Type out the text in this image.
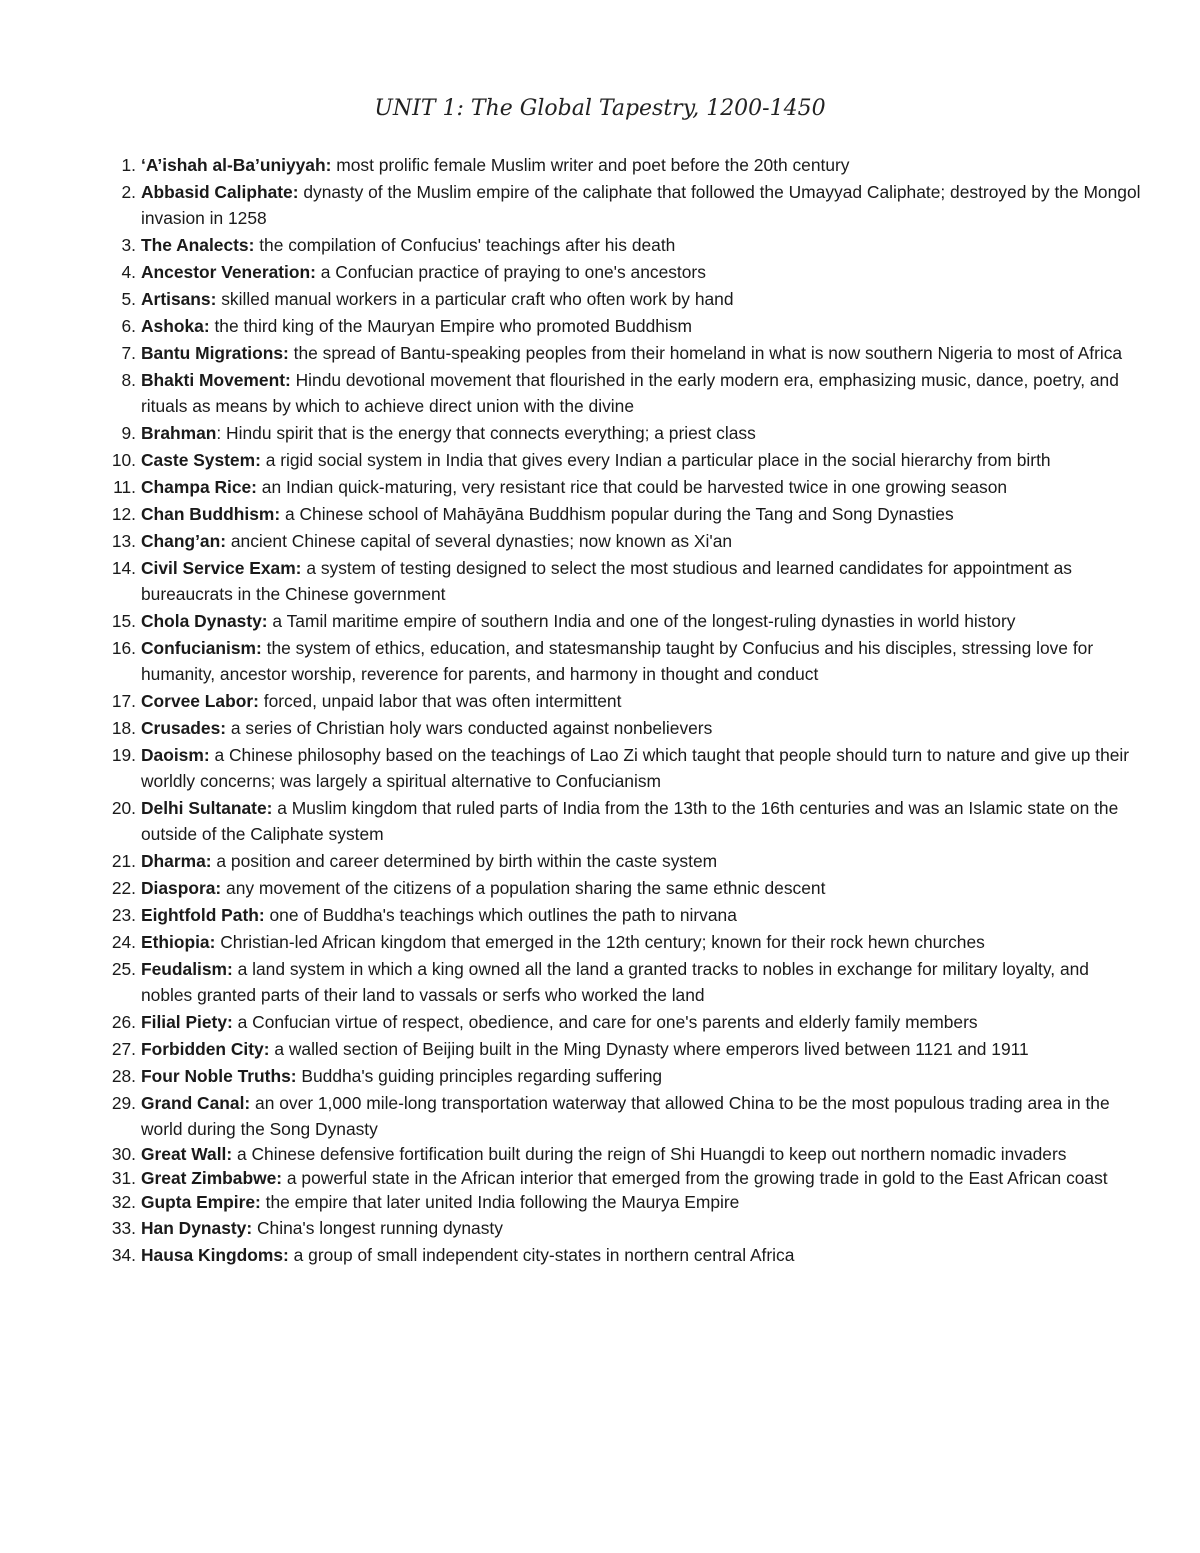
UNIT 1: The Global Tapestry, 1200-1450
1. ‘A’ishah al-Ba’uniyyah: most prolific female Muslim writer and poet before the 20th century
2. Abbasid Caliphate: dynasty of the Muslim empire of the caliphate that followed the Umayyad Caliphate; destroyed by the Mongol invasion in 1258
3. The Analects: the compilation of Confucius' teachings after his death
4. Ancestor Veneration: a Confucian practice of praying to one's ancestors
5. Artisans: skilled manual workers in a particular craft who often work by hand
6. Ashoka: the third king of the Mauryan Empire who promoted Buddhism
7. Bantu Migrations: the spread of Bantu-speaking peoples from their homeland in what is now southern Nigeria to most of Africa
8. Bhakti Movement: Hindu devotional movement that flourished in the early modern era, emphasizing music, dance, poetry, and rituals as means by which to achieve direct union with the divine
9. Brahman: Hindu spirit that is the energy that connects everything; a priest class
10. Caste System: a rigid social system in India that gives every Indian a particular place in the social hierarchy from birth
11. Champa Rice: an Indian quick-maturing, very resistant rice that could be harvested twice in one growing season
12. Chan Buddhism: a Chinese school of Mahāyāna Buddhism popular during the Tang and Song Dynasties
13. Chang’an: ancient Chinese capital of several dynasties; now known as Xi'an
14. Civil Service Exam: a system of testing designed to select the most studious and learned candidates for appointment as bureaucrats in the Chinese government
15. Chola Dynasty: a Tamil maritime empire of southern India and one of the longest-ruling dynasties in world history
16. Confucianism: the system of ethics, education, and statesmanship taught by Confucius and his disciples, stressing love for humanity, ancestor worship, reverence for parents, and harmony in thought and conduct
17. Corvee Labor: forced, unpaid labor that was often intermittent
18. Crusades: a series of Christian holy wars conducted against nonbelievers
19. Daoism: a Chinese philosophy based on the teachings of Lao Zi which taught that people should turn to nature and give up their worldly concerns; was largely a spiritual alternative to Confucianism
20. Delhi Sultanate: a Muslim kingdom that ruled parts of India from the 13th to the 16th centuries and was an Islamic state on the outside of the Caliphate system
21. Dharma: a position and career determined by birth within the caste system
22. Diaspora: any movement of the citizens of a population sharing the same ethnic descent
23. Eightfold Path: one of Buddha's teachings which outlines the path to nirvana
24. Ethiopia: Christian-led African kingdom that emerged in the 12th century; known for their rock hewn churches
25. Feudalism: a land system in which a king owned all the land a granted tracks to nobles in exchange for military loyalty, and nobles granted parts of their land to vassals or serfs who worked the land
26. Filial Piety: a Confucian virtue of respect, obedience, and care for one's parents and elderly family members
27. Forbidden City: a walled section of Beijing built in the Ming Dynasty where emperors lived between 1121 and 1911
28. Four Noble Truths: Buddha's guiding principles regarding suffering
29. Grand Canal: an over 1,000 mile-long transportation waterway that allowed China to be the most populous trading area in the world during the Song Dynasty
30. Great Wall: a Chinese defensive fortification built during the reign of Shi Huangdi to keep out northern nomadic invaders
31. Great Zimbabwe: a powerful state in the African interior that emerged from the growing trade in gold to the East African coast
32. Gupta Empire: the empire that later united India following the Maurya Empire
33. Han Dynasty: China's longest running dynasty
34. Hausa Kingdoms: a group of small independent city-states in northern central Africa
